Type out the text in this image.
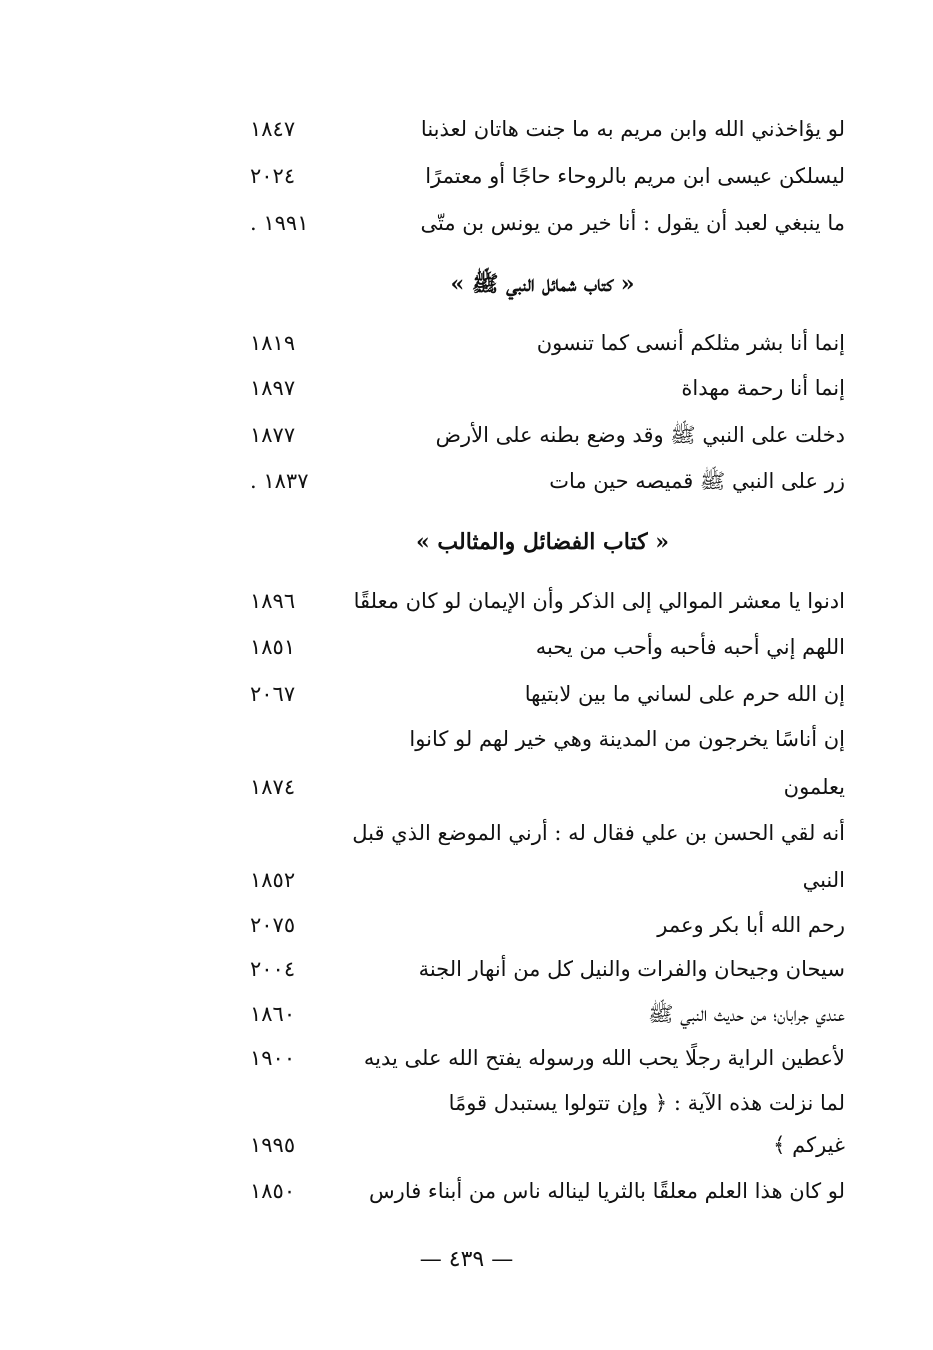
لو يؤاخذني الله وابن مريم به ما جنت هاتان لعذبنا
١٨٤٧
ليسلكن عيسى ابن مريم بالروحاء حاجًا أو معتمرًا
٢٠٢٤
ما ينبغي لعبد أن يقول : أنا خير من يونس بن متّى
١٩٩١ .
« كتاب شمائل النبي ﷺ »
إنما أنا بشر مثلكم أنسى كما تنسون
١٨١٩
إنما أنا رحمة مهداة
١٨٩٧
دخلت على النبي ﷺ وقد وضع بطنه على الأرض
١٨٧٧
زر على النبي ﷺ قميصه حين مات
١٨٣٧ .
« كتاب الفضائل والمثالب »
ادنوا يا معشر الموالي إلى الذكر وأن الإيمان لو كان معلقًا
١٨٩٦
اللهم إني أحبه فأحبه وأحب من يحبه
١٨٥١
إن الله حرم على لساني ما بين لابتيها
٢٠٦٧
إن أناسًا يخرجون من المدينة وهي خير لهم لو كانوا
يعلمون
١٨٧٤
أنه لقي الحسن بن علي فقال له : أرني الموضع الذي قبل
النبي
١٨٥٢
رحم الله أبا بكر وعمر
٢٠٧٥
سيحان وجيحان والفرات والنيل كل من أنهار الجنة
٢٠٠٤
عندي جرابان؛ من حديث النبي ﷺ
١٨٦٠
لأعطين الراية رجلًا يحب الله ورسوله يفتح الله على يديه
١٩٠٠
لما نزلت هذه الآية : ﴿ وإن تتولوا يستبدل قومًا
غيركم ﴾
١٩٩٥
لو كان هذا العلم معلقًا بالثريا ليناله ناس من أبناء فارس
١٨٥٠
— ٤٣٩ —
